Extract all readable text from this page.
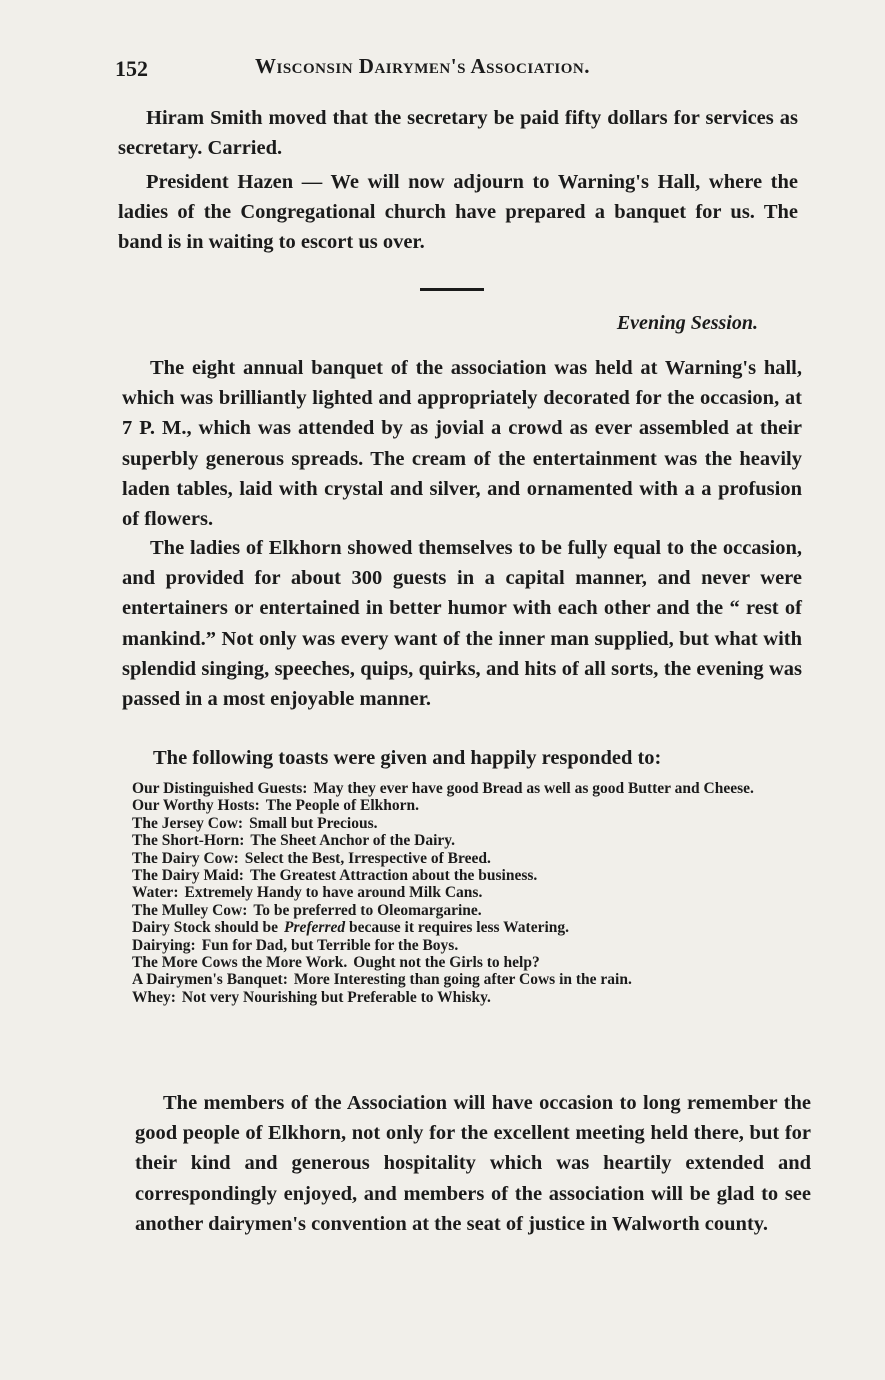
152	Wisconsin Dairymen's Association.

Hiram Smith moved that the secretary be paid fifty dollars for services as secretary. Carried.

President Hazen — We will now adjourn to Warning's Hall, where the ladies of the Congregational church have prepared a banquet for us. The band is in waiting to escort us over.

Evening Session.

The eight annual banquet of the association was held at Warning's hall, which was brilliantly lighted and appropriately decorated for the occasion, at 7 P. M., which was attended by as jovial a crowd as ever assembled at their superbly generous spreads. The cream of the entertainment was the heavily laden tables, laid with crystal and silver, and ornamented with a a profusion of flowers.

The ladies of Elkhorn showed themselves to be fully equal to the occasion, and provided for about 300 guests in a capital manner, and never were entertainers or entertained in better humor with each other and the “ rest of mankind.” Not only was every want of the inner man supplied, but what with splendid singing, speeches, quips, quirks, and hits of all sorts, the evening was passed in a most enjoyable manner.

The following toasts were given and happily responded to:

Our Distinguished Guests: May they ever have good Bread as well as good Butter and Cheese.
Our Worthy Hosts: The People of Elkhorn.
The Jersey Cow: Small but Precious.
The Short-Horn: The Sheet Anchor of the Dairy.
The Dairy Cow: Select the Best, Irrespective of Breed.
The Dairy Maid: The Greatest Attraction about the business.
Water: Extremely Handy to have around Milk Cans.
The Mulley Cow: To be preferred to Oleomargarine.
Dairy Stock should be Preferred because it requires less Watering.
Dairying: Fun for Dad, but Terrible for the Boys.
The More Cows the More Work. Ought not the Girls to help?
A Dairymen's Banquet: More Interesting than going after Cows in the rain.
Whey: Not very Nourishing but Preferable to Whisky.

The members of the Association will have occasion to long remember the good people of Elkhorn, not only for the excellent meeting held there, but for their kind and generous hospitality which was heartily extended and correspondingly enjoyed, and members of the association will be glad to see another dairymen's convention at the seat of justice in Walworth county.
